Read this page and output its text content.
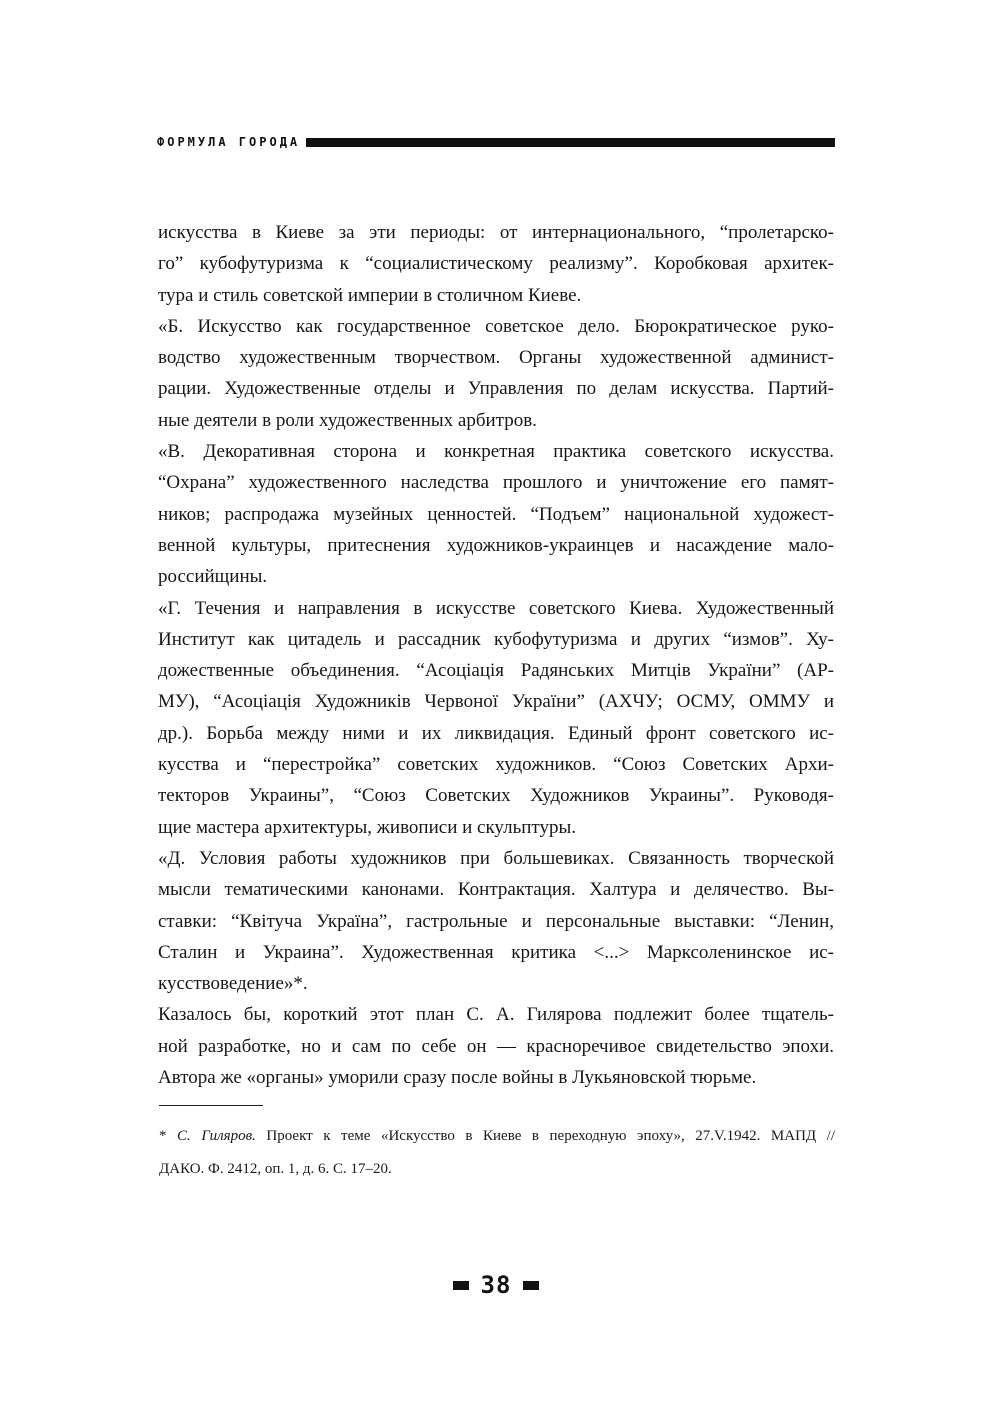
ФОРМУЛА ГОРОДА
искусства в Киеве за эти периоды: от интернационального, “пролетарско-
го” кубофутуризма к “социалистическому реализму”. Коробковая архитек-
тура и стиль советской империи в столичном Киеве.
«Б. Искусство как государственное советское дело. Бюрократическое руко-
водство художественным творчеством. Органы художественной админист-
рации. Художественные отделы и Управления по делам искусства. Партий-
ные деятели в роли художественных арбитров.
«В. Декоративная сторона и конкретная практика советского искусства.
“Охрана” художественного наследства прошлого и уничтожение его памят-
ников; распродажа музейных ценностей. “Подъем” национальной художест-
венной культуры, притеснения художников-украинцев и насаждение мало-
российщины.
«Г. Течения и направления в искусстве советского Киева. Художественный
Институт как цитадель и рассадник кубофутуризма и других “измов”. Ху-
дожественные объединения. “Асоціація Радянських Митців України” (АР-
МУ), “Асоціація Художників Червоної України” (АХЧУ; ОСМУ, ОММУ и
др.). Борьба между ними и их ликвидация. Единый фронт советского ис-
кусства и “перестройка” советских художников. “Союз Советских Архи-
текторов Украины”, “Союз Советских Художников Украины”. Руководя-
щие мастера архитектуры, живописи и скульптуры.
«Д. Условия работы художников при большевиках. Связанность творческой
мысли тематическими канонами. Контрактация. Халтура и делячество. Вы-
ставки: “Квітуча Україна”, гастрольные и персональные выставки: “Ленин,
Сталин и Украина”. Художественная критика <...> Марксоленинское ис-
кусствоведение»*.
Казалось бы, короткий этот план С. А. Гилярова подлежит более тщатель-
ной разработке, но и сам по себе он — красноречивое свидетельство эпохи.
Автора же «органы» уморили сразу после войны в Лукьяновской тюрьме.
* С. Гиляров. Проект к теме «Искусство в Киеве в переходную эпоху», 27.V.1942. МАПД //
ДАКО. Ф. 2412, оп. 1, д. 6. С. 17–20.
38
